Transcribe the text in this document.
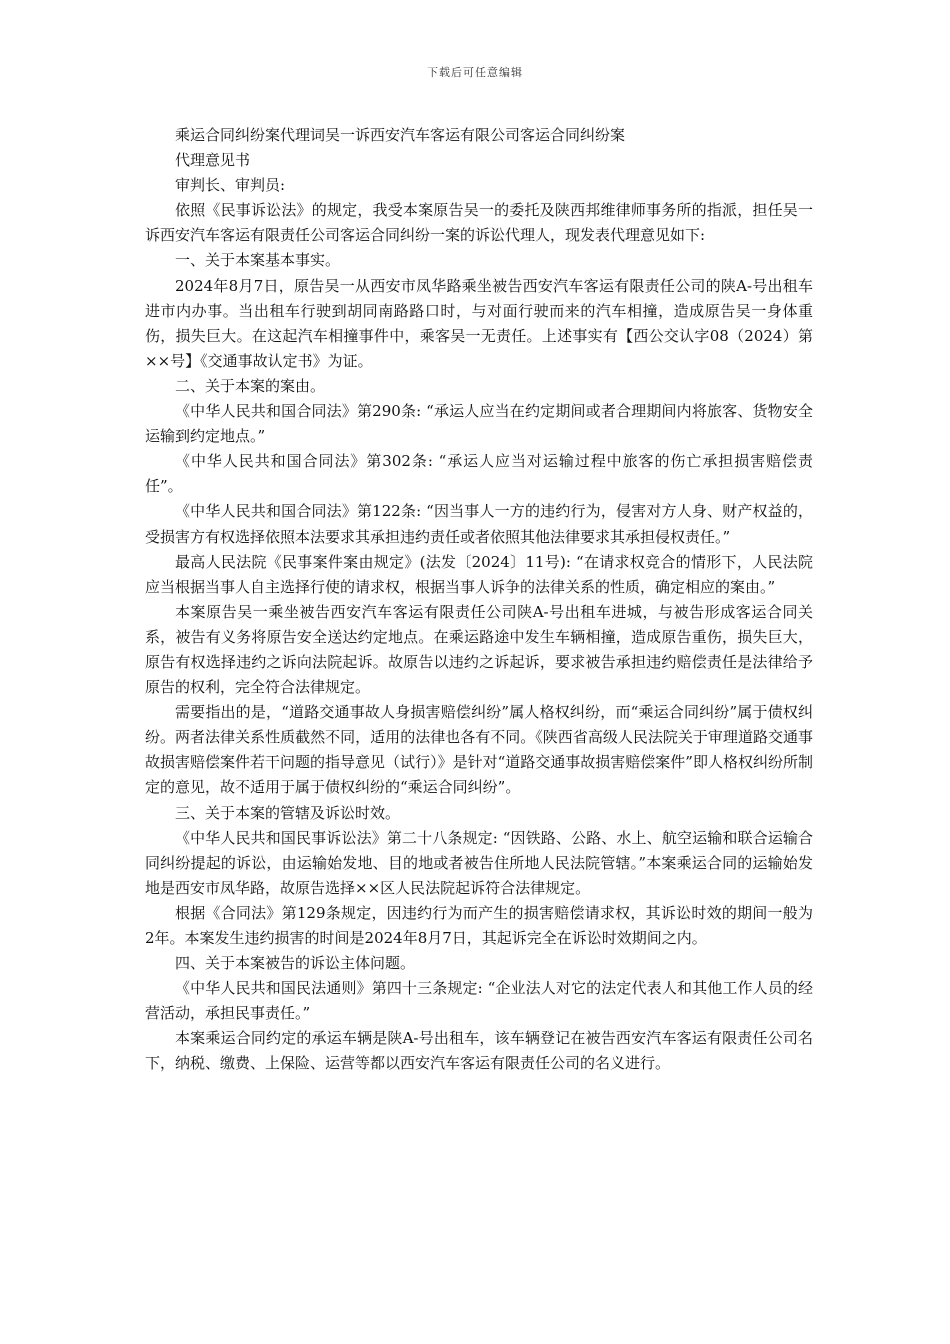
下载后可任意编辑

乘运合同纠纷案代理词吴一诉西安汽车客运有限公司客运合同纠纷案

代理意见书

审判长、审判员:

依照《民事诉讼法》的规定，我受本案原告吴一的委托及陕西邦维律师事务所的指派，担任吴一诉西安汽车客运有限责任公司客运合同纠纷一案的诉讼代理人，现发表代理意见如下:

一、关于本案基本事实。

2024年8月7日，原告吴一从西安市凤华路乘坐被告西安汽车客运有限责任公司的陕A-号出租车进市内办事。当出租车行驶到胡同南路路口时，与对面行驶而来的汽车相撞，造成原告吴一身体重伤，损失巨大。在这起汽车相撞事件中，乘客吴一无责任。上述事实有【西公交认字08（2024）第××号】《交通事故认定书》为证。

二、关于本案的案由。

《中华人民共和国合同法》第290条: “承运人应当在约定期间或者合理期间内将旅客、货物安全运输到约定地点。”

《中华人民共和国合同法》第302条: “承运人应当对运输过程中旅客的伤亡承担损害赔偿责任”。

《中华人民共和国合同法》第122条: “因当事人一方的违约行为，侵害对方人身、财产权益的，受损害方有权选择依照本法要求其承担违约责任或者依照其他法律要求其承担侵权责任。”

最高人民法院《民事案件案由规定》(法发〔2024〕11号): “在请求权竞合的情形下，人民法院应当根据当事人自主选择行使的请求权，根据当事人诉争的法律关系的性质，确定相应的案由。”

本案原告吴一乘坐被告西安汽车客运有限责任公司陕A-号出租车进城，与被告形成客运合同关系，被告有义务将原告安全送达约定地点。在乘运路途中发生车辆相撞，造成原告重伤，损失巨大，原告有权选择违约之诉向法院起诉。故原告以违约之诉起诉，要求被告承担违约赔偿责任是法律给予原告的权利，完全符合法律规定。

需要指出的是，“道路交通事故人身损害赔偿纠纷”属人格权纠纷，而“乘运合同纠纷”属于债权纠纷。两者法律关系性质截然不同，适用的法律也各有不同。《陕西省高级人民法院关于审理道路交通事故损害赔偿案件若干问题的指导意见（试行）》是针对“道路交通事故损害赔偿案件”即人格权纠纷所制定的意见，故不适用于属于债权纠纷的“乘运合同纠纷”。

三、关于本案的管辖及诉讼时效。

《中华人民共和国民事诉讼法》第二十八条规定: “因铁路、公路、水上、航空运输和联合运输合同纠纷提起的诉讼，由运输始发地、目的地或者被告住所地人民法院管辖。”本案乘运合同的运输始发地是西安市凤华路，故原告选择××区人民法院起诉符合法律规定。

根据《合同法》第129条规定，因违约行为而产生的损害赔偿请求权，其诉讼时效的期间一般为2年。本案发生违约损害的时间是2024年8月7日，其起诉完全在诉讼时效期间之内。

四、关于本案被告的诉讼主体问题。

《中华人民共和国民法通则》第四十三条规定: “企业法人对它的法定代表人和其他工作人员的经营活动，承担民事责任。”

本案乘运合同约定的承运车辆是陕A-号出租车，该车辆登记在被告西安汽车客运有限责任公司名下，纳税、缴费、上保险、运营等都以西安汽车客运有限责任公司的名义进行。
